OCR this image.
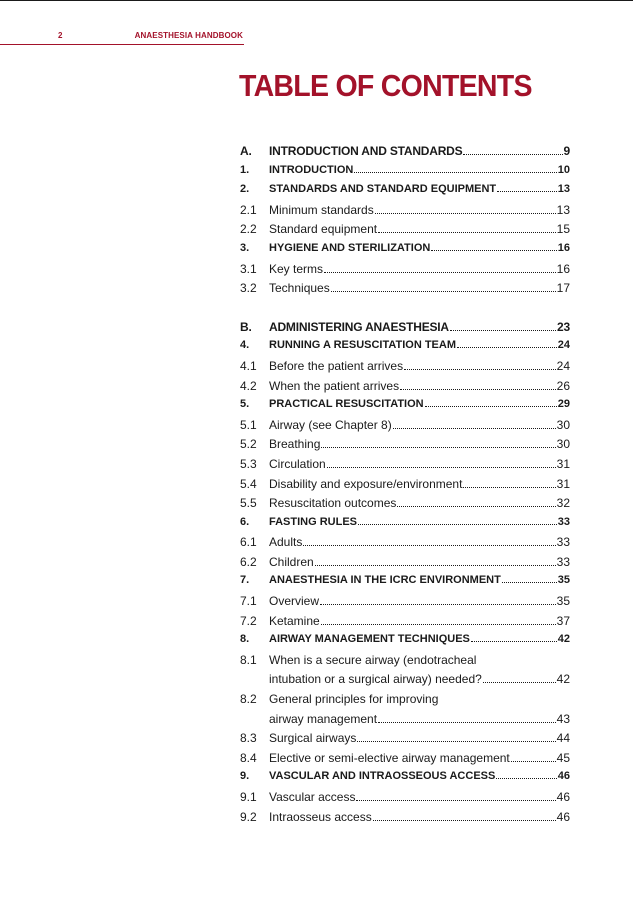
2	ANAESTHESIA HANDBOOK
TABLE OF CONTENTS
A.	INTRODUCTION AND STANDARDS	9
1.	INTRODUCTION	10
2.	STANDARDS AND STANDARD EQUIPMENT	13
2.1	Minimum standards	13
2.2	Standard equipment	15
3.	HYGIENE AND STERILIZATION	16
3.1	Key terms	16
3.2	Techniques	17
B.	ADMINISTERING ANAESTHESIA	23
4.	RUNNING A RESUSCITATION TEAM	24
4.1	Before the patient arrives	24
4.2	When the patient arrives	26
5.	PRACTICAL RESUSCITATION	29
5.1	Airway (see Chapter 8)	30
5.2	Breathing	30
5.3	Circulation	31
5.4	Disability and exposure/environment	31
5.5	Resuscitation outcomes	32
6.	FASTING RULES	33
6.1	Adults	33
6.2	Children	33
7.	ANAESTHESIA IN THE ICRC ENVIRONMENT	35
7.1	Overview	35
7.2	Ketamine	37
8.	AIRWAY MANAGEMENT TECHNIQUES	42
8.1	When is a secure airway (endotracheal
intubation or a surgical airway) needed?	42
8.2	General principles for improving
airway management	43
8.3	Surgical airways	44
8.4	Elective or semi-elective airway management	45
9.	VASCULAR AND INTRAOSSEOUS ACCESS	46
9.1	Vascular access	46
9.2	Intraosseus access	46
